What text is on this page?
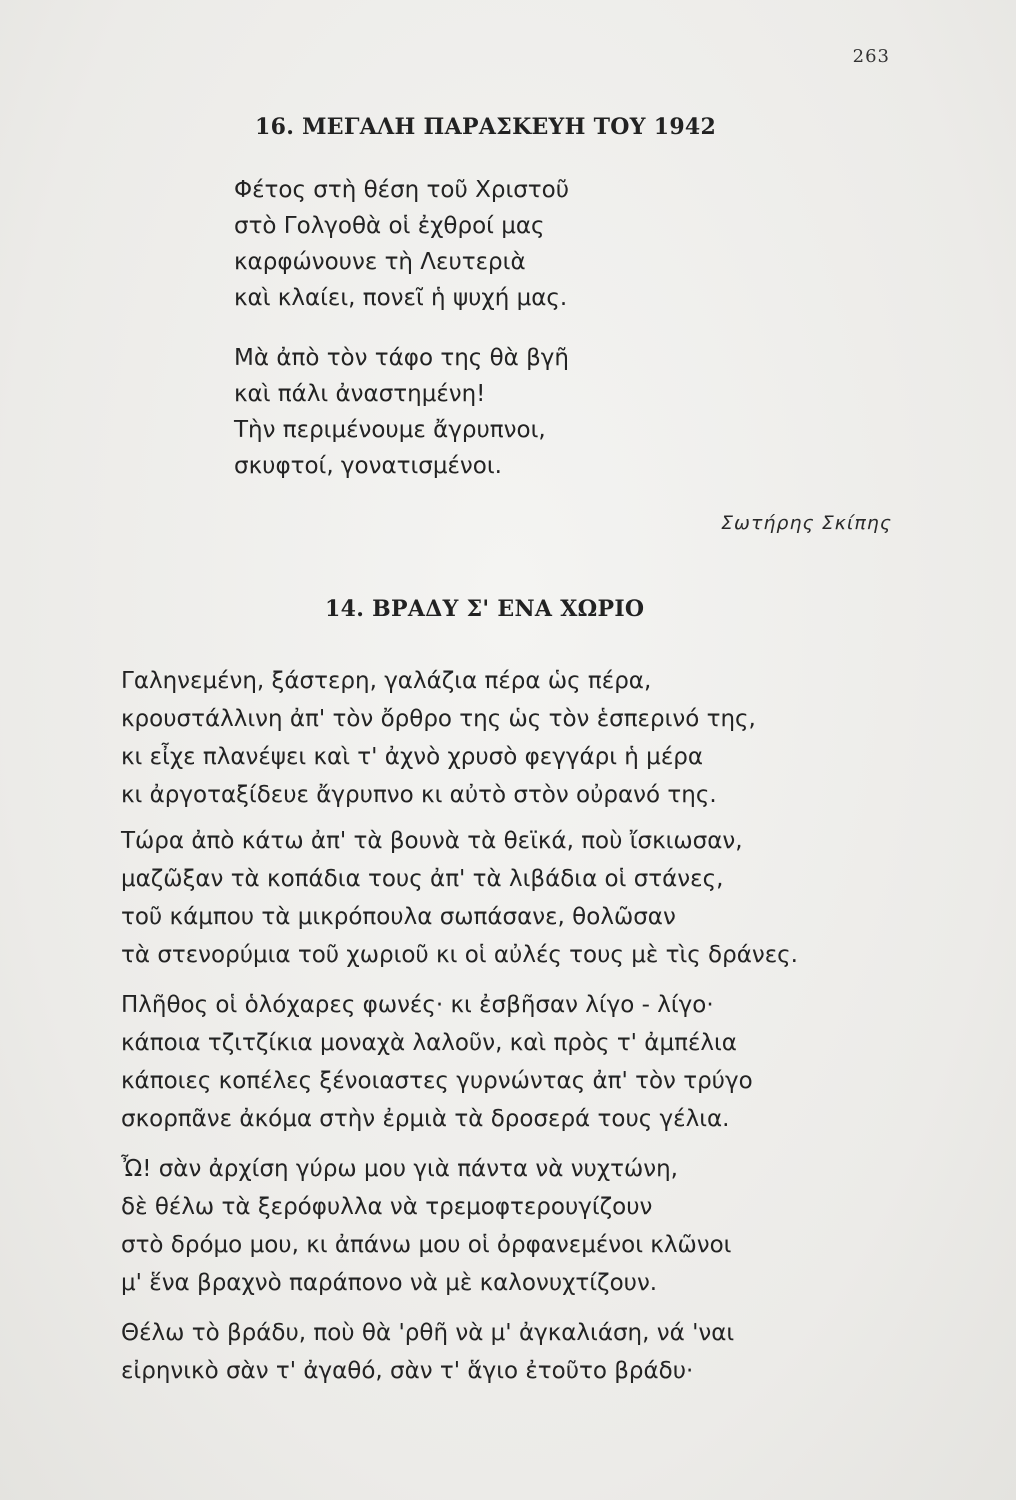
263
16. ΜΕΓΑΛΗ ΠΑΡΑΣΚΕΥΗ ΤΟΥ 1942
Φέτος στὴ θέση τοῦ Χριστοῦ
στὸ Γολγοθὰ οἱ ἐχθροί μας
καρφώνουνε τὴ Λευτεριὰ
καὶ κλαίει, πονεῖ ἡ ψυχή μας.
Μὰ ἀπὸ τὸν τάφο της θὰ βγῆ
καὶ πάλι ἀναστημένη!
Τὴν περιμένουμε ἄγρυπνοι,
σκυφτοί, γονατισμένοι.
Σωτήρης Σκίπης
14. ΒΡΑΔΥ Σ' ΕΝΑ ΧΩΡΙΟ
Γαληνεμένη, ξάστερη, γαλάζια πέρα ὡς πέρα,
κρουστάλλινη ἀπ' τὸν ὄρθρο της ὡς τὸν ἑσπερινό της,
κι εἶχε πλανέψει καὶ τ' ἀχνὸ χρυσὸ φεγγάρι ἡ μέρα
κι ἀργοταξίδευε ἄγρυπνο κι αὐτὸ στὸν οὐρανό της.
Τώρα ἀπὸ κάτω ἀπ' τὰ βουνὰ τὰ θεϊκά, ποὺ ἴσκιωσαν,
μαζῶξαν τὰ κοπάδια τους ἀπ' τὰ λιβάδια οἱ στάνες,
τοῦ κάμπου τὰ μικρόπουλα σωπάσανε, θολῶσαν
τὰ στενορύμια τοῦ χωριοῦ κι οἱ αὐλές τους μὲ τὶς δράνες.
Πλῆθος οἱ ὁλόχαρες φωνές· κι ἐσβῆσαν λίγο - λίγο·
κάποια τζιτζίκια μοναχὰ λαλοῦν, καὶ πρὸς τ' ἀμπέλια
κάποιες κοπέλες ξένοιαστες γυρνώντας ἀπ' τὸν τρύγο
σκορπᾶνε ἀκόμα στὴν ἐρμιὰ τὰ δροσερά τους γέλια.
Ὦ! σὰν ἀρχίση γύρω μου γιὰ πάντα νὰ νυχτώνη,
δὲ θέλω τὰ ξερόφυλλα νὰ τρεμοφτερουγίζουν
στὸ δρόμο μου, κι ἀπάνω μου οἱ ὀρφανεμένοι κλῶνοι
μ' ἕνα βραχνὸ παράπονο νὰ μὲ καλονυχτίζουν.
Θέλω τὸ βράδυ, ποὺ θὰ 'ρθῆ νὰ μ' ἀγκαλιάση, νά 'ναι
εἰρηνικὸ σὰν τ' ἀγαθό, σὰν τ' ἅγιο ἐτοῦτο βράδυ·
